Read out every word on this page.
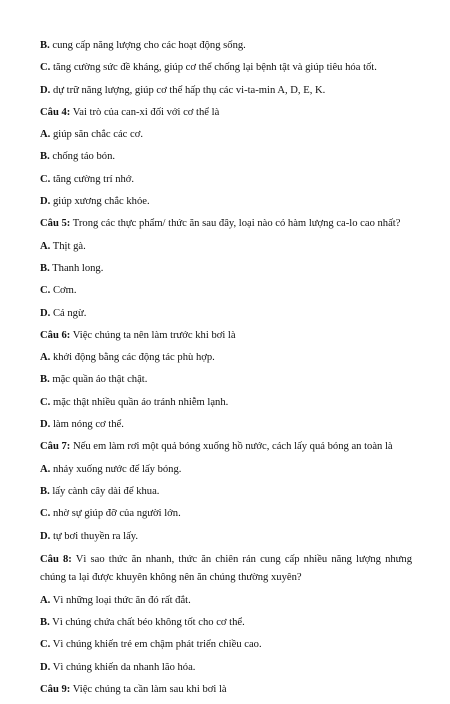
B. cung cấp năng lượng cho các hoạt động sống.
C. tăng cường sức đề kháng, giúp cơ thể chống lại bệnh tật và giúp tiêu hóa tốt.
D. dự trữ năng lượng, giúp cơ thể hấp thụ các vi-ta-min A, D, E, K.
Câu 4: Vai trò của can-xi đối với cơ thể là
A. giúp săn chắc các cơ.
B. chống táo bón.
C. tăng cường trí nhớ.
D. giúp xương chắc khỏe.
Câu 5: Trong các thực phẩm/ thức ăn sau đây, loại nào có hàm lượng ca-lo cao nhất?
A. Thịt gà.
B. Thanh long.
C. Cơm.
D. Cá ngừ.
Câu 6: Việc chúng ta nên làm trước khi bơi là
A. khởi động bằng các động tác phù hợp.
B. mặc quần áo thật chật.
C. mặc thật nhiều quần áo tránh nhiễm lạnh.
D. làm nóng cơ thể.
Câu 7: Nếu em làm rơi một quả bóng xuống hồ nước, cách lấy quả bóng an toàn là
A. nhảy xuống nước để lấy bóng.
B. lấy cành cây dài để khua.
C. nhờ sự giúp đỡ của người lớn.
D. tự bơi thuyền ra lấy.
Câu 8: Vì sao thức ăn nhanh, thức ăn chiên rán cung cấp nhiều năng lượng nhưng chúng ta lại được khuyên không nên ăn chúng thường xuyên?
A. Vì những loại thức ăn đó rất đắt.
B. Vì chúng chứa chất béo không tốt cho cơ thể.
C. Vì chúng khiến trẻ em chậm phát triển chiều cao.
D. Vì chúng khiến da nhanh lão hóa.
Câu 9: Việc chúng ta cần làm sau khi bơi là
